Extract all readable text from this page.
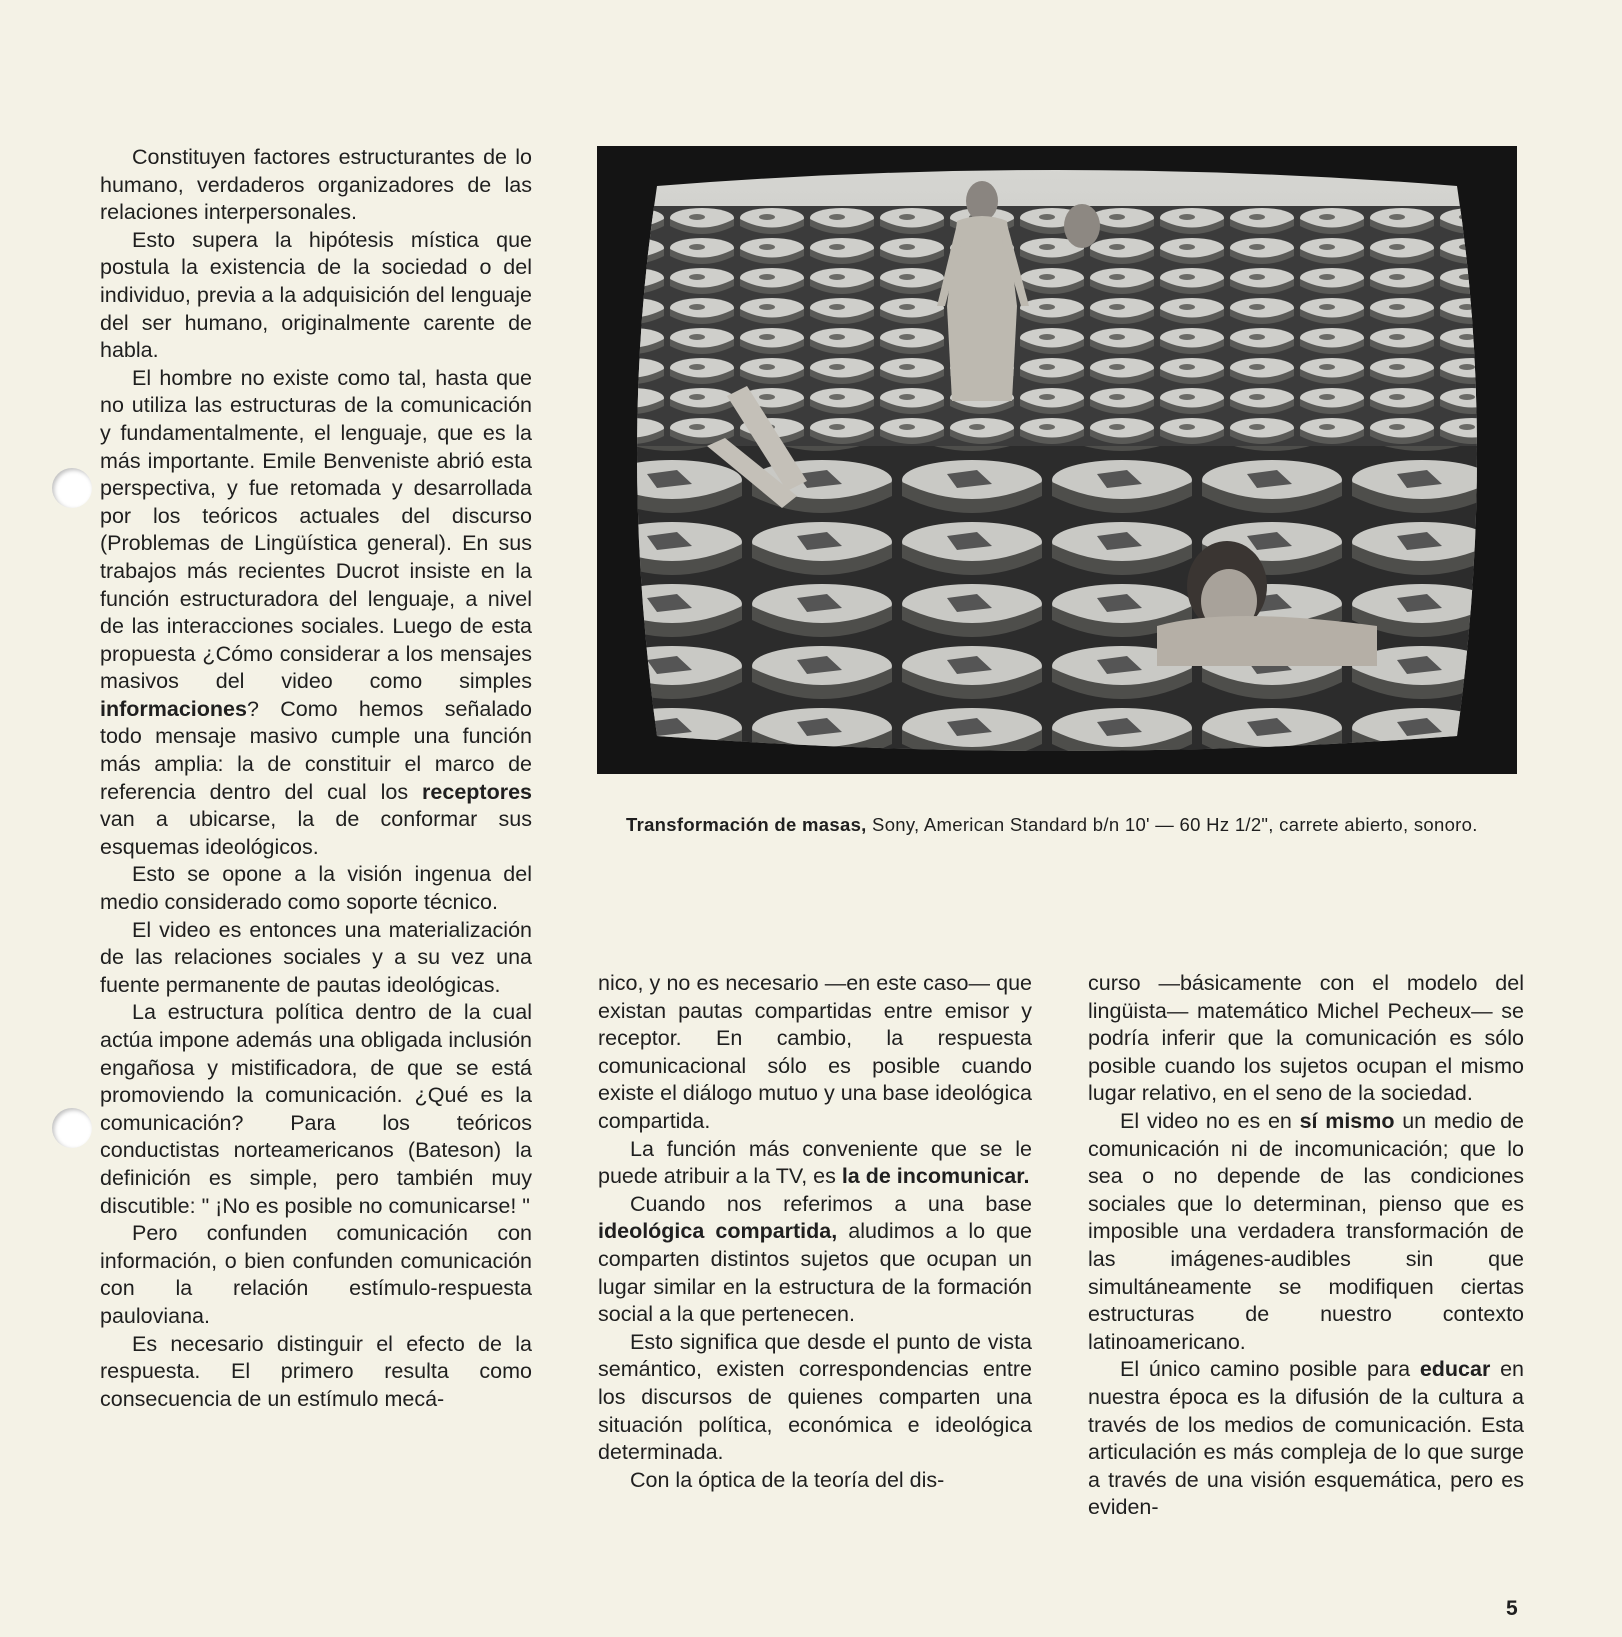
Constituyen factores estructurantes de lo humano, verdaderos organizadores de las relaciones interpersonales.

Esto supera la hipótesis mística que postula la existencia de la sociedad o del individuo, previa a la adquisición del lenguaje del ser humano, originalmente carente de habla.

El hombre no existe como tal, hasta que no utiliza las estructuras de la comunicación y fundamentalmente, el lenguaje, que es la más importante. Emile Benveniste abrió esta perspectiva, y fue retomada y desarrollada por los teóricos actuales del discurso (Problemas de Lingüística general). En sus trabajos más recientes Ducrot insiste en la función estructuradora del lenguaje, a nivel de las interacciones sociales. Luego de esta propuesta ¿Cómo considerar a los mensajes masivos del video como simples informaciones? Como hemos señalado todo mensaje masivo cumple una función más amplia: la de constituir el marco de referencia dentro del cual los receptores van a ubicarse, la de conformar sus esquemas ideológicos.

Esto se opone a la visión ingenua del medio considerado como soporte técnico.

El video es entonces una materialización de las relaciones sociales y a su vez una fuente permanente de pautas ideológicas.

La estructura política dentro de la cual actúa impone además una obligada inclusión engañosa y mistificadora, de que se está promoviendo la comunicación. ¿Qué es la comunicación? Para los teóricos conductistas norteamericanos (Bateson) la definición es simple, pero también muy discutible: " ¡No es posible no comunicarse! "

Pero confunden comunicación con información, o bien confunden comunicación con la relación estímulo-respuesta pauloviana.

Es necesario distinguir el efecto de la respuesta. El primero resulta como consecuencia de un estímulo mecá-

Transformación de masas, Sony, American Standard b/n 10' — 60 Hz 1/2", carrete abierto, sonoro.

nico, y no es necesario —en este caso— que existan pautas compartidas entre emisor y receptor. En cambio, la respuesta comunicacional sólo es posible cuando existe el diálogo mutuo y una base ideológica compartida.

La función más conveniente que se le puede atribuir a la TV, es la de incomunicar.

Cuando nos referimos a una base ideológica compartida, aludimos a lo que comparten distintos sujetos que ocupan un lugar similar en la estructura de la formación social a la que pertenecen.

Esto significa que desde el punto de vista semántico, existen correspondencias entre los discursos de quienes comparten una situación política, económica e ideológica determinada.

Con la óptica de la teoría del dis-

curso —básicamente con el modelo del lingüista— matemático Michel Pecheux— se podría inferir que la comunicación es sólo posible cuando los sujetos ocupan el mismo lugar relativo, en el seno de la sociedad.

El video no es en sí mismo un medio de comunicación ni de incomunicación; que lo sea o no depende de las condiciones sociales que lo determinan, pienso que es imposible una verdadera transformación de las imágenes-audibles sin que simultáneamente se modifiquen ciertas estructuras de nuestro contexto latinoamericano.

El único camino posible para educar en nuestra época es la difusión de la cultura a través de los medios de comunicación. Esta articulación es más compleja de lo que surge a través de una visión esquemática, pero es eviden-

5
